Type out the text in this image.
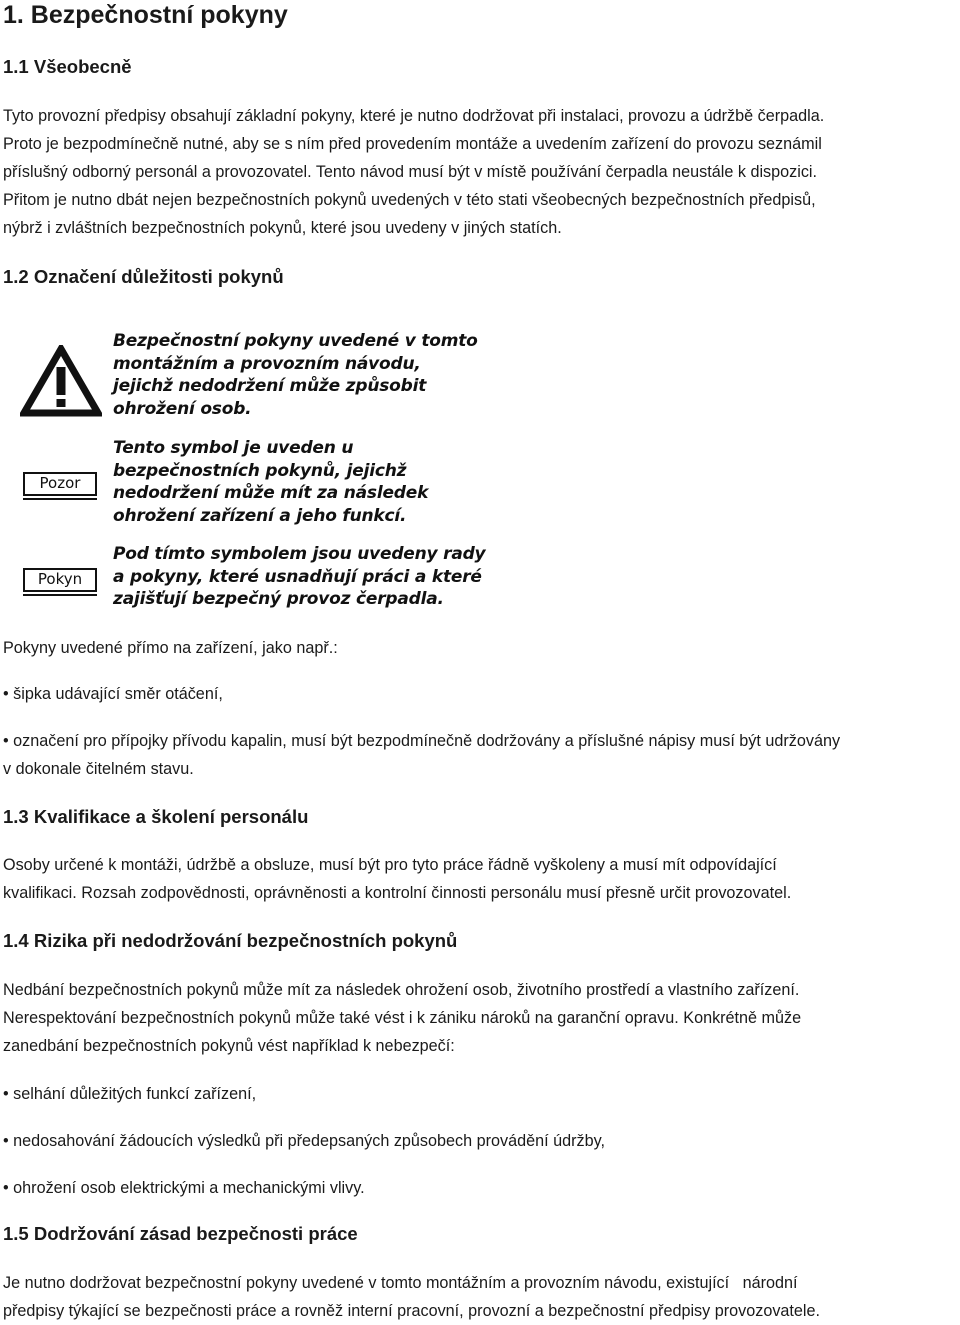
1. Bezpečnostní pokyny
1.1 Všeobecně

Tyto provozní předpisy obsahují základní pokyny, které je nutno dodržovat při instalaci, provozu a údržbě čerpadla.
Proto je bezpodmínečně nutné, aby se s ním před provedením montáže a uvedením zařízení do provozu seznámil
příslušný odborný personál a provozovatel. Tento návod musí být v místě používání čerpadla neustále k dispozici.
Přitom je nutno dbát nejen bezpečnostních pokynů uvedených v této stati všeobecných bezpečnostních předpisů,
nýbrž i zvláštních bezpečnostních pokynů, které jsou uvedeny v jiných statích.

1.2 Označení důležitosti pokynů
Bezpečnostní pokyny uvedené v tomto
montážním a provozním návodu,
jejichž nedodržení může způsobit
ohrožení osob.
Pozor
Tento symbol je uveden u
bezpečnostních pokynů, jejichž
nedodržení může mít za následek
ohrožení zařízení a jeho funkcí.
Pokyn
Pod tímto symbolem jsou uvedeny rady
a pokyny, které usnadňují práci a které
zajišťují bezpečný provoz čerpadla.

Pokyny uvedené přímo na zařízení, jako např.:

• šipka udávající směr otáčení,

• označení pro přípojky přívodu kapalin, musí být bezpodmínečně dodržovány a příslušné nápisy musí být udržovány
v dokonale čitelném stavu.

1.3 Kvalifikace a školení personálu

Osoby určené k montáži, údržbě a obsluze, musí být pro tyto práce řádně vyškoleny a musí mít odpovídající
kvalifikaci. Rozsah zodpovědnosti, oprávněnosti a kontrolní činnosti personálu musí přesně určit provozovatel.

1.4 Rizika při nedodržování bezpečnostních pokynů

Nedbání bezpečnostních pokynů může mít za následek ohrožení osob, životního prostředí a vlastního zařízení.
Nerespektování bezpečnostních pokynů může také vést i k zániku nároků na garanční opravu. Konkrétně může
zanedbání bezpečnostních pokynů vést například k nebezpečí:

• selhání důležitých funkcí zařízení,

• nedosahování žádoucích výsledků při předepsaných způsobech provádění údržby,

• ohrožení osob elektrickými a mechanickými vlivy.

1.5 Dodržování zásad bezpečnosti práce

Je nutno dodržovat bezpečnostní pokyny uvedené v tomto montážním a provozním návodu, existující   národní
předpisy týkající se bezpečnosti práce a rovněž interní pracovní, provozní a bezpečnostní předpisy provozovatele.
